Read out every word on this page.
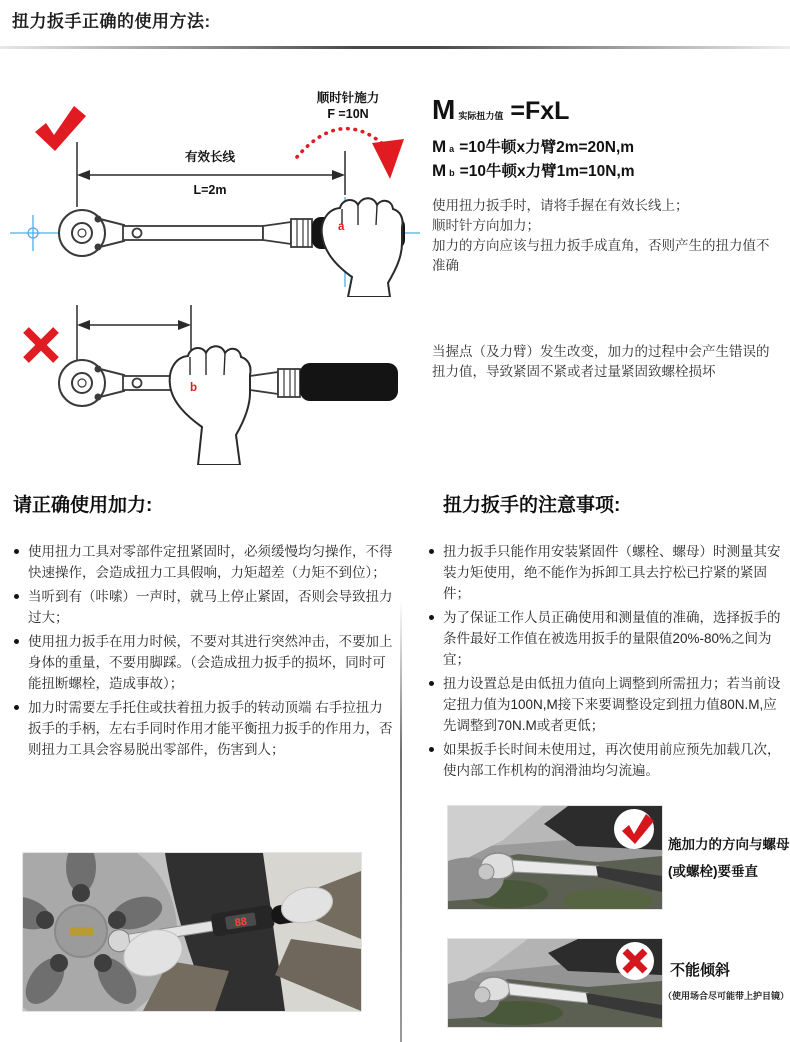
扭力扳手正确的使用方法:
顺时针施力
F =10N
有效长线
L=2m
a
b
M 实际扭力值 =FxL
M a =10牛顿x力臂2m=20N,m
M b =10牛顿x力臂1m=10N,m
使用扭力扳手时，请将手握在有效长线上；
顺时针方向加力；
加力的方向应该与扭力扳手成直角，否则产生的扭力值不准确
当握点（及力臂）发生改变，加力的过程中会产生错误的扭力值，导致紧固不紧或者过量紧固致螺栓损坏
请正确使用加力:
使用扭力工具对零部件定扭紧固时，必须缓慢均匀操作，不得快速操作，会造成扭力工具假响，力矩超差（力矩不到位）；
当听到有（咔嗦）一声时，就马上停止紧固，否则会导致扭力过大；
使用扭力扳手在用力时候，不要对其进行突然冲击，不要加上身体的重量，不要用脚踩。（会造成扭力扳手的损坏，同时可能扭断螺栓，造成事故）；
加力时需要左手托住或扶着扭力扳手的转动顶端 右手拉扭力扳手的手柄，左右手同时作用才能平衡扭力扳手的作用力，否则扭力工具会容易脱出零部件，伤害到人；
88
扭力扳手的注意事项:
扭力扳手只能作用安装紧固件（螺栓、螺母）时测量其安装力矩使用，绝不能作为拆卸工具去拧松已拧紧的紧固件；
为了保证工作人员正确使用和测量值的准确，选择扳手的条件最好工作值在被选用扳手的量限值20%-80%之间为宜；
扭力设置总是由低扭力值向上调整到所需扭力；若当前设定扭力值为100N,M接下来要调整设定到扭力值80N.M,应先调整到70N.M或者更低；
如果扳手长时间未使用过，再次使用前应预先加载几次，使内部工作机构的润滑油均匀流遍。
施加力的方向与螺母
(或螺栓)要垂直
不能倾斜
（使用场合尽可能带上护目镜）
